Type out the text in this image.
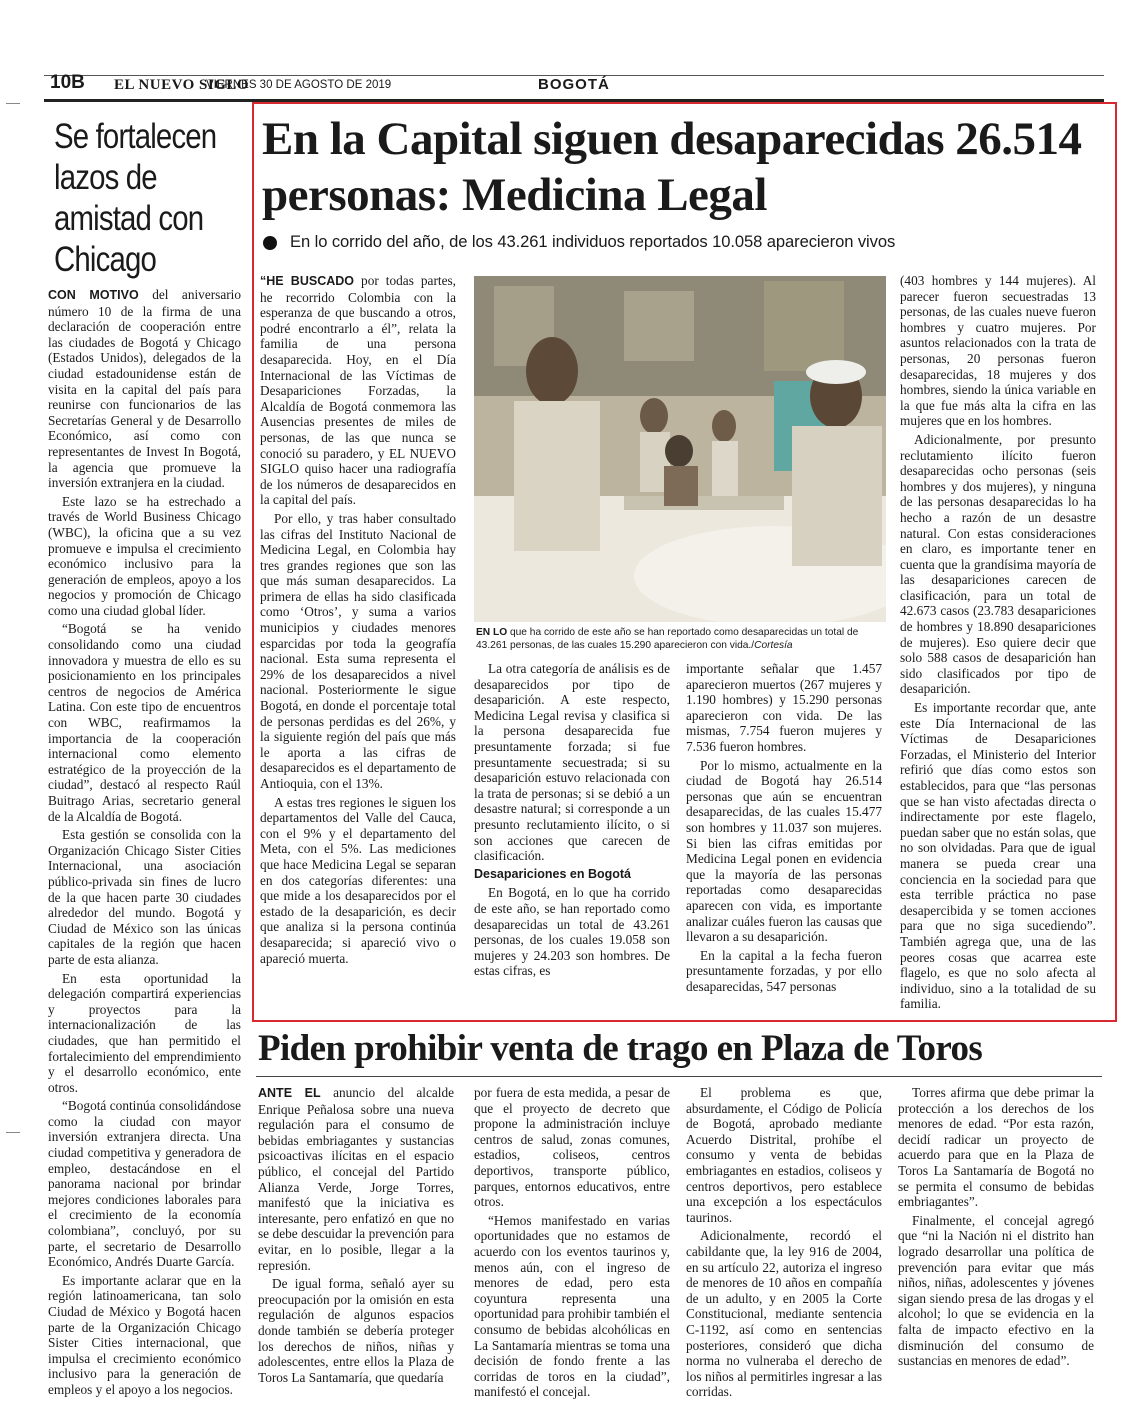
10B EL NUEVO SIGLO
VIERNES 30 DE AGOSTO DE 2019	BOGOTÁ
Se fortalecen lazos de amistad con Chicago

CON MOTIVO del aniversario número 10 de la firma de una declaración de cooperación entre las ciudades de Bogotá y Chicago (Estados Unidos), delegados de la ciudad estadounidense están de visita en la capital del país para reunirse con funcionarios de las Secretarías General y de Desarrollo Económico, así como con representantes de Invest In Bogotá, la agencia que promueve la inversión extranjera en la ciudad.

Este lazo se ha estrechado a través de World Business Chicago (WBC), la oficina que a su vez promueve e impulsa el crecimiento económico inclusivo para la generación de empleos, apoyo a los negocios y promoción de Chicago como una ciudad global líder.

“Bogotá se ha venido consolidando como una ciudad innovadora y muestra de ello es su posicionamiento en los principales centros de negocios de América Latina. Con este tipo de encuentros con WBC, reafirmamos la importancia de la cooperación internacional como elemento estratégico de la proyección de la ciudad”, destacó al respecto Raúl Buitrago Arias, secretario general de la Alcaldía de Bogotá.

Esta gestión se consolida con la Organización Chicago Sister Cities Internacional, una asociación público-privada sin fines de lucro de la que hacen parte 30 ciudades alrededor del mundo. Bogotá y Ciudad de México son las únicas capitales de la región que hacen parte de esta alianza.

En esta oportunidad la delegación compartirá experiencias y proyectos para la internacionalización de las ciudades, que han permitido el fortalecimiento del emprendimiento y el desarrollo económico, ente otros.

“Bogotá continúa consolidándose como la ciudad con mayor inversión extranjera directa. Una ciudad competitiva y generadora de empleo, destacándose en el panorama nacional por brindar mejores condiciones laborales para el crecimiento de la economía colombiana”, concluyó, por su parte, el secretario de Desarrollo Económico, Andrés Duarte García.

Es importante aclarar que en la región latinoamericana, tan solo Ciudad de México y Bogotá hacen parte de la Organización Chicago Sister Cities internacional, que impulsa el crecimiento económico inclusivo para la generación de empleos y el apoyo a los negocios.

En la Capital siguen desaparecidas 26.514 personas: Medicina Legal
En lo corrido del año, de los 43.261 individuos reportados 10.058 aparecieron vivos

“HE BUSCADO por todas partes, he recorrido Colombia con la esperanza de que buscando a otros, podré encontrarlo a él”, relata la familia de una persona desaparecida. Hoy, en el Día Internacional de las Víctimas de Desapariciones Forzadas, la Alcaldía de Bogotá conmemora las Ausencias presentes de miles de personas, de las que nunca se conoció su paradero, y EL NUEVO SIGLO quiso hacer una radiografía de los números de desaparecidos en la capital del país.

Por ello, y tras haber consultado las cifras del Instituto Nacional de Medicina Legal, en Colombia hay tres grandes regiones que son las que más suman desaparecidos. La primera de ellas ha sido clasificada como ‘Otros’, y suma a varios municipios y ciudades menores esparcidas por toda la geografía nacional. Esta suma representa el 29% de los desaparecidos a nivel nacional. Posteriormente le sigue Bogotá, en donde el porcentaje total de personas perdidas es del 26%, y la siguiente región del país que más le aporta a las cifras de desaparecidos es el departamento de Antioquia, con el 13%.

A estas tres regiones le siguen los departamentos del Valle del Cauca, con el 9% y el departamento del Meta, con el 5%. Las mediciones que hace Medicina Legal se separan en dos categorías diferentes: una que mide a los desaparecidos por el estado de la desaparición, es decir que analiza si la persona continúa desaparecida; si apareció vivo o apareció muerta.

EN LO que ha corrido de este año se han reportado como desaparecidas un total de 43.261 personas, de las cuales 15.290 aparecieron con vida./Cortesía

La otra categoría de análisis es de desaparecidos por tipo de desaparición. A este respecto, Medicina Legal revisa y clasifica si la persona desaparecida fue presuntamente forzada; si fue presuntamente secuestrada; si su desaparición estuvo relacionada con la trata de personas; si se debió a un desastre natural; si corresponde a un presunto reclutamiento ilícito, o si son acciones que carecen de clasificación.

Desapariciones en Bogotá

En Bogotá, en lo que ha corrido de este año, se han reportado como desaparecidas un total de 43.261 personas, de los cuales 19.058 son mujeres y 24.203 son hombres. De estas cifras, es

importante señalar que 1.457 aparecieron muertos (267 mujeres y 1.190 hombres) y 15.290 personas aparecieron con vida. De las mismas, 7.754 fueron mujeres y 7.536 fueron hombres.

Por lo mismo, actualmente en la ciudad de Bogotá hay 26.514 personas que aún se encuentran desaparecidas, de las cuales 15.477 son hombres y 11.037 son mujeres. Si bien las cifras emitidas por Medicina Legal ponen en evidencia que la mayoría de las personas reportadas como desaparecidas aparecen con vida, es importante analizar cuáles fueron las causas que llevaron a su desaparición.

En la capital a la fecha fueron presuntamente forzadas, y por ello desaparecidas, 547 personas

(403 hombres y 144 mujeres). Al parecer fueron secuestradas 13 personas, de las cuales nueve fueron hombres y cuatro mujeres. Por asuntos relacionados con la trata de personas, 20 personas fueron desaparecidas, 18 mujeres y dos hombres, siendo la única variable en la que fue más alta la cifra en las mujeres que en los hombres.

Adicionalmente, por presunto reclutamiento ilícito fueron desaparecidas ocho personas (seis hombres y dos mujeres), y ninguna de las personas desaparecidas lo ha hecho a razón de un desastre natural. Con estas consideraciones en claro, es importante tener en cuenta que la grandísima mayoría de las desapariciones carecen de clasificación, para un total de 42.673 casos (23.783 desapariciones de hombres y 18.890 desapariciones de mujeres). Eso quiere decir que solo 588 casos de desaparición han sido clasificados por tipo de desaparición.

Es importante recordar que, ante este Día Internacional de las Víctimas de Desapariciones Forzadas, el Ministerio del Interior refirió que días como estos son establecidos, para que “las personas que se han visto afectadas directa o indirectamente por este flagelo, puedan saber que no están solas, que no son olvidadas. Para que de igual manera se pueda crear una conciencia en la sociedad para que esta terrible práctica no pase desapercibida y se tomen acciones para que no siga sucediendo”. También agrega que, una de las peores cosas que acarrea este flagelo, es que no solo afecta al individuo, sino a la totalidad de su familia.

Piden prohibir venta de trago en Plaza de Toros

ANTE EL anuncio del alcalde Enrique Peñalosa sobre una nueva regulación para el consumo de bebidas embriagantes y sustancias psicoactivas ilícitas en el espacio público, el concejal del Partido Alianza Verde, Jorge Torres, manifestó que la iniciativa es interesante, pero enfatizó en que no se debe descuidar la prevención para evitar, en lo posible, llegar a la represión.

De igual forma, señaló ayer su preocupación por la omisión en esta regulación de algunos espacios donde también se debería proteger los derechos de niños, niñas y adolescentes, entre ellos la Plaza de Toros La Santamaría, que quedaría

por fuera de esta medida, a pesar de que el proyecto de decreto que propone la administración incluye centros de salud, zonas comunes, estadios, coliseos, centros deportivos, transporte público, parques, entornos educativos, entre otros.

“Hemos manifestado en varias oportunidades que no estamos de acuerdo con los eventos taurinos y, menos aún, con el ingreso de menores de edad, pero esta coyuntura representa una oportunidad para prohibir también el consumo de bebidas alcohólicas en La Santamaría mientras se toma una decisión de fondo frente a las corridas de toros en la ciudad”, manifestó el concejal.

El problema es que, absurdamente, el Código de Policía de Bogotá, aprobado mediante Acuerdo Distrital, prohíbe el consumo y venta de bebidas embriagantes en estadios, coliseos y centros deportivos, pero establece una excepción a los espectáculos taurinos.

Adicionalmente, recordó el cabildante que, la ley 916 de 2004, en su artículo 22, autoriza el ingreso de menores de 10 años en compañía de un adulto, y en 2005 la Corte Constitucional, mediante sentencia C-1192, así como en sentencias posteriores, consideró que dicha norma no vulneraba el derecho de los niños al permitirles ingresar a las corridas.

Torres afirma que debe primar la protección a los derechos de los menores de edad. “Por esta razón, decidí radicar un proyecto de acuerdo para que en la Plaza de Toros La Santamaría de Bogotá no se permita el consumo de bebidas embriagantes”.

Finalmente, el concejal agregó que “ni la Nación ni el distrito han logrado desarrollar una política de prevención para evitar que más niños, niñas, adolescentes y jóvenes sigan siendo presa de las drogas y el alcohol; lo que se evidencia en la falta de impacto efectivo en la disminución del consumo de sustancias en menores de edad”.
